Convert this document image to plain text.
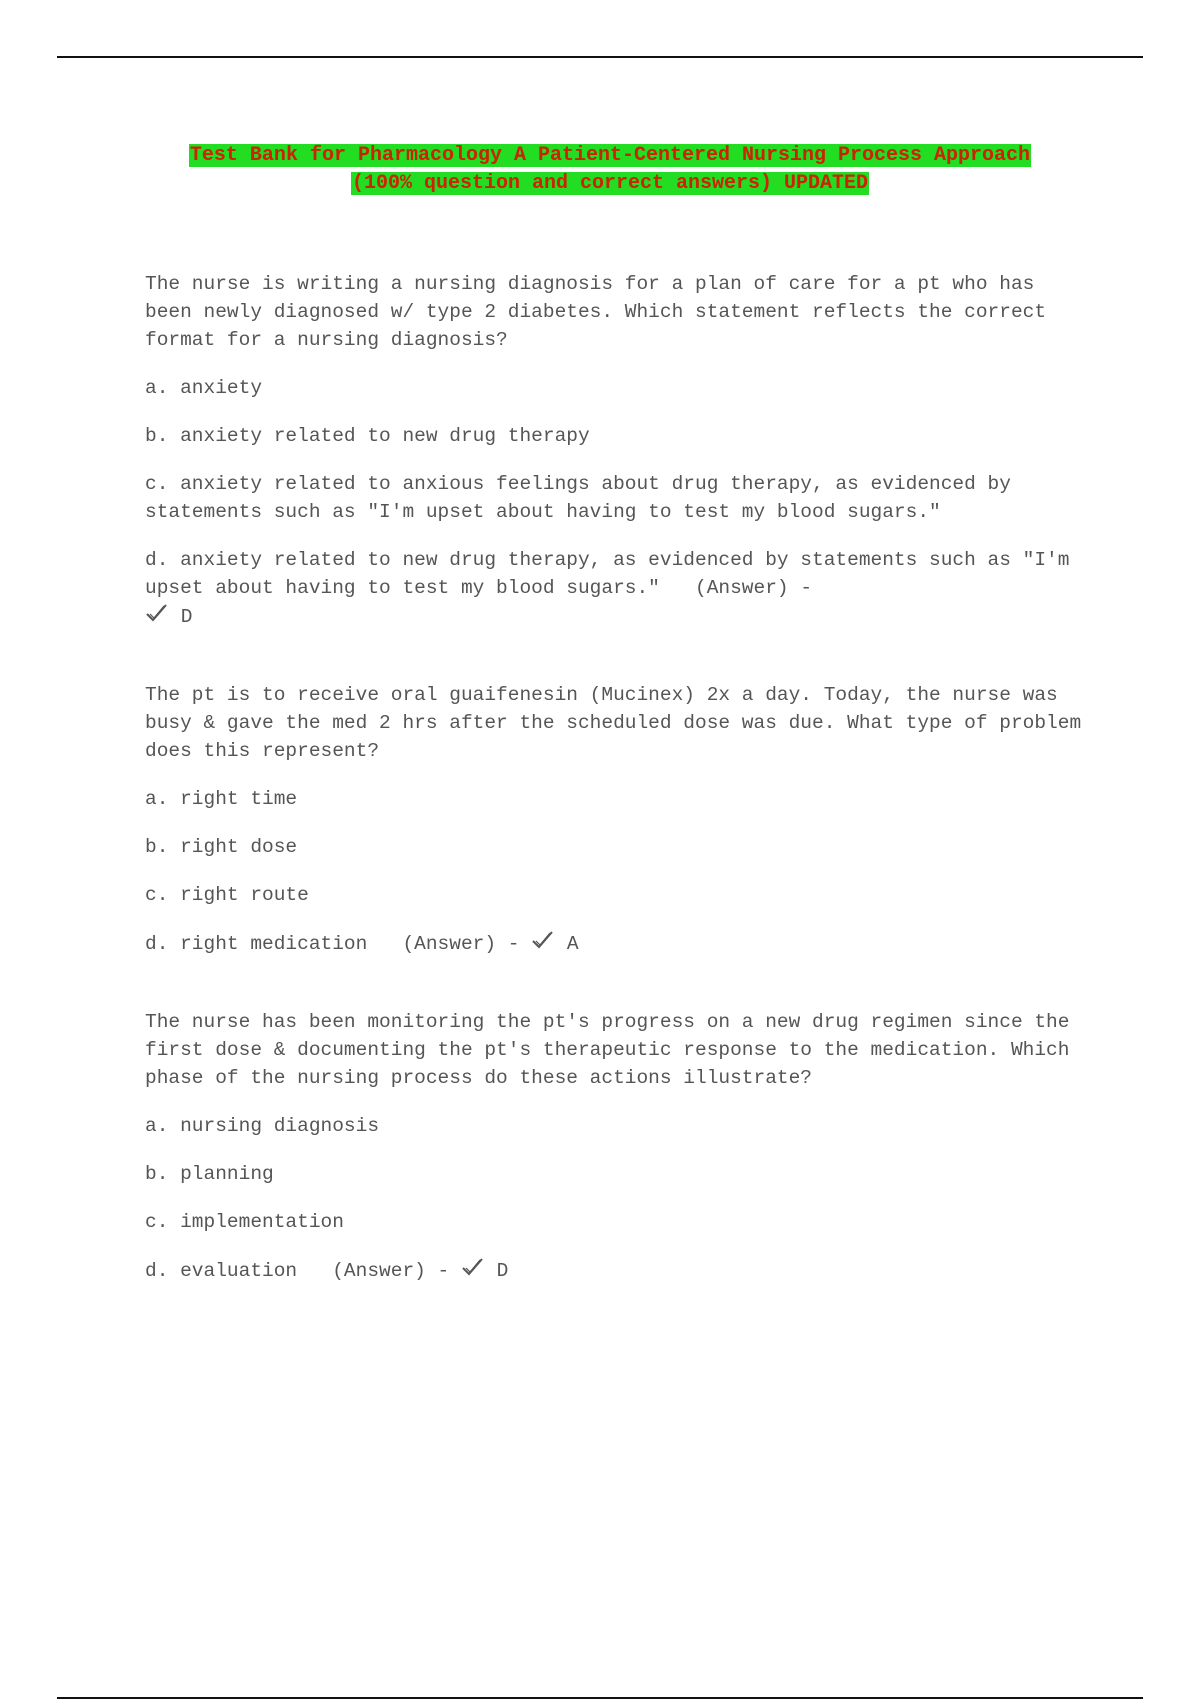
Test Bank for Pharmacology A Patient-Centered Nursing Process Approach
(100% question and correct answers) UPDATED
The nurse is writing a nursing diagnosis for a plan of care for a pt who has been newly diagnosed w/ type 2 diabetes. Which statement reflects the correct format for a nursing diagnosis?
a. anxiety
b. anxiety related to new drug therapy
c. anxiety related to anxious feelings about drug therapy, as evidenced by statements such as "I'm upset about having to test my blood sugars."
d. anxiety related to new drug therapy, as evidenced by statements such as "I'm upset about having to test my blood sugars." (Answer) -

D
The pt is to receive oral guaifenesin (Mucinex) 2x a day. Today, the nurse was busy & gave the med 2 hrs after the scheduled dose was due. What type of problem does this represent?
a. right time
b. right dose
c. right route
d. right medication (Answer) - A
The nurse has been monitoring the pt's progress on a new drug regimen since the first dose & documenting the pt's therapeutic response to the medication. Which phase of the nursing process do these actions illustrate?
a. nursing diagnosis
b. planning
c. implementation
d. evaluation (Answer) - D
